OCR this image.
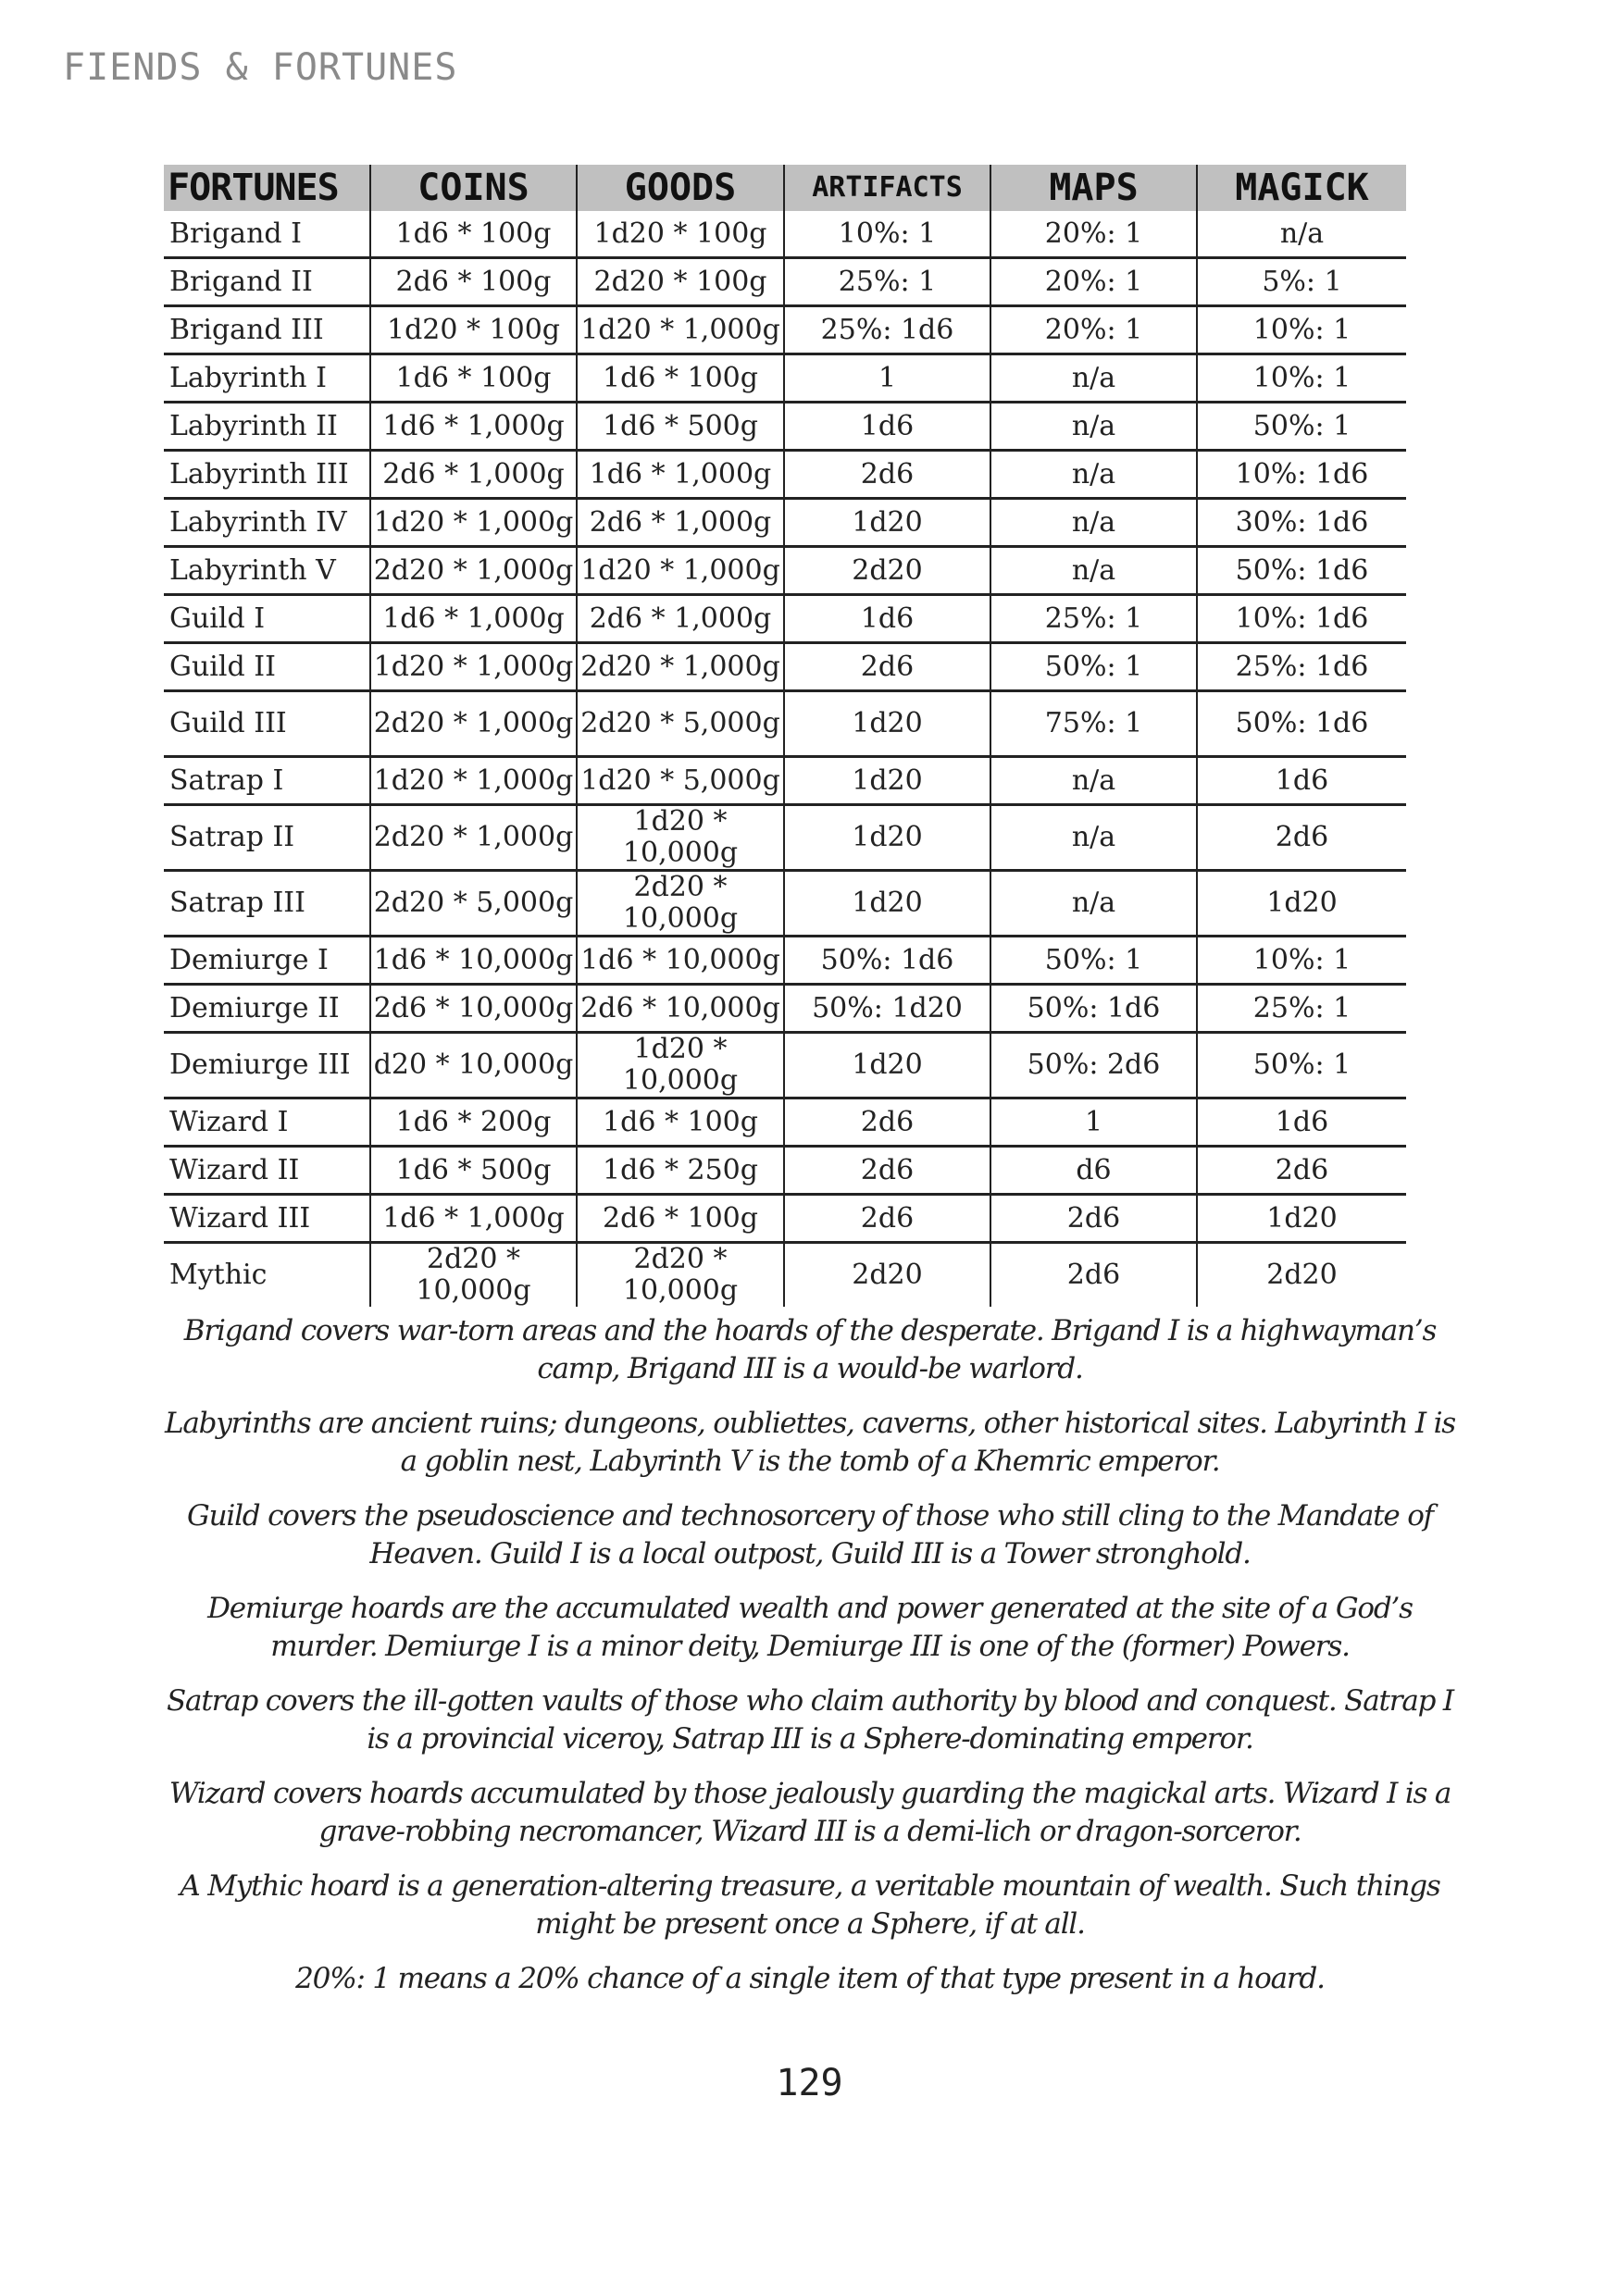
FIENDS & FORTUNES
FORTUNES	COINS	GOODS	ARTIFACTS	MAPS	MAGICK
Brigand I	1d6 * 100g	1d20 * 100g	10%: 1	20%: 1	n/a
Brigand II	2d6 * 100g	2d20 * 100g	25%: 1	20%: 1	5%: 1
Brigand III	1d20 * 100g	1d20 * 1,000g	25%: 1d6	20%: 1	10%: 1
Labyrinth I	1d6 * 100g	1d6 * 100g	1	n/a	10%: 1
Labyrinth II	1d6 * 1,000g	1d6 * 500g	1d6	n/a	50%: 1
Labyrinth III	2d6 * 1,000g	1d6 * 1,000g	2d6	n/a	10%: 1d6
Labyrinth IV	1d20 * 1,000g	2d6 * 1,000g	1d20	n/a	30%: 1d6
Labyrinth V	2d20 * 1,000g	1d20 * 1,000g	2d20	n/a	50%: 1d6
Guild I	1d6 * 1,000g	2d6 * 1,000g	1d6	25%: 1	10%: 1d6
Guild II	1d20 * 1,000g	2d20 * 1,000g	2d6	50%: 1	25%: 1d6
Guild III	2d20 * 1,000g	2d20 * 5,000g	1d20	75%: 1	50%: 1d6
Satrap I	1d20 * 1,000g	1d20 * 5,000g	1d20	n/a	1d6
Satrap II	2d20 * 1,000g	1d20 * 10,000g	1d20	n/a	2d6
Satrap III	2d20 * 5,000g	2d20 * 10,000g	1d20	n/a	1d20
Demiurge I	1d6 * 10,000g	1d6 * 10,000g	50%: 1d6	50%: 1	10%: 1
Demiurge II	2d6 * 10,000g	2d6 * 10,000g	50%: 1d20	50%: 1d6	25%: 1
Demiurge III	d20 * 10,000g	1d20 * 10,000g	1d20	50%: 2d6	50%: 1
Wizard I	1d6 * 200g	1d6 * 100g	2d6	1	1d6
Wizard II	1d6 * 500g	1d6 * 250g	2d6	d6	2d6
Wizard III	1d6 * 1,000g	2d6 * 100g	2d6	2d6	1d20
Mythic	2d20 * 10,000g	2d20 * 10,000g	2d20	2d6	2d20

Brigand covers war-torn areas and the hoards of the desperate. Brigand I is a highwayman’s camp, Brigand III is a would-be warlord.

Labyrinths are ancient ruins; dungeons, oubliettes, caverns, other historical sites. Labyrinth I is a goblin nest, Labyrinth V is the tomb of a Khemric emperor.

Guild covers the pseudoscience and technosorcery of those who still cling to the Mandate of Heaven. Guild I is a local outpost, Guild III is a Tower stronghold.

Demiurge hoards are the accumulated wealth and power generated at the site of a God’s murder. Demiurge I is a minor deity, Demiurge III is one of the (former) Powers.

Satrap covers the ill-gotten vaults of those who claim authority by blood and conquest. Satrap I is a provincial viceroy, Satrap III is a Sphere-dominating emperor.

Wizard covers hoards accumulated by those jealously guarding the magickal arts. Wizard I is a grave-robbing necromancer, Wizard III is a demi-lich or dragon-sorceror.

A Mythic hoard is a generation-altering treasure, a veritable mountain of wealth. Such things might be present once a Sphere, if at all.

20%: 1 means a 20% chance of a single item of that type present in a hoard.

129
